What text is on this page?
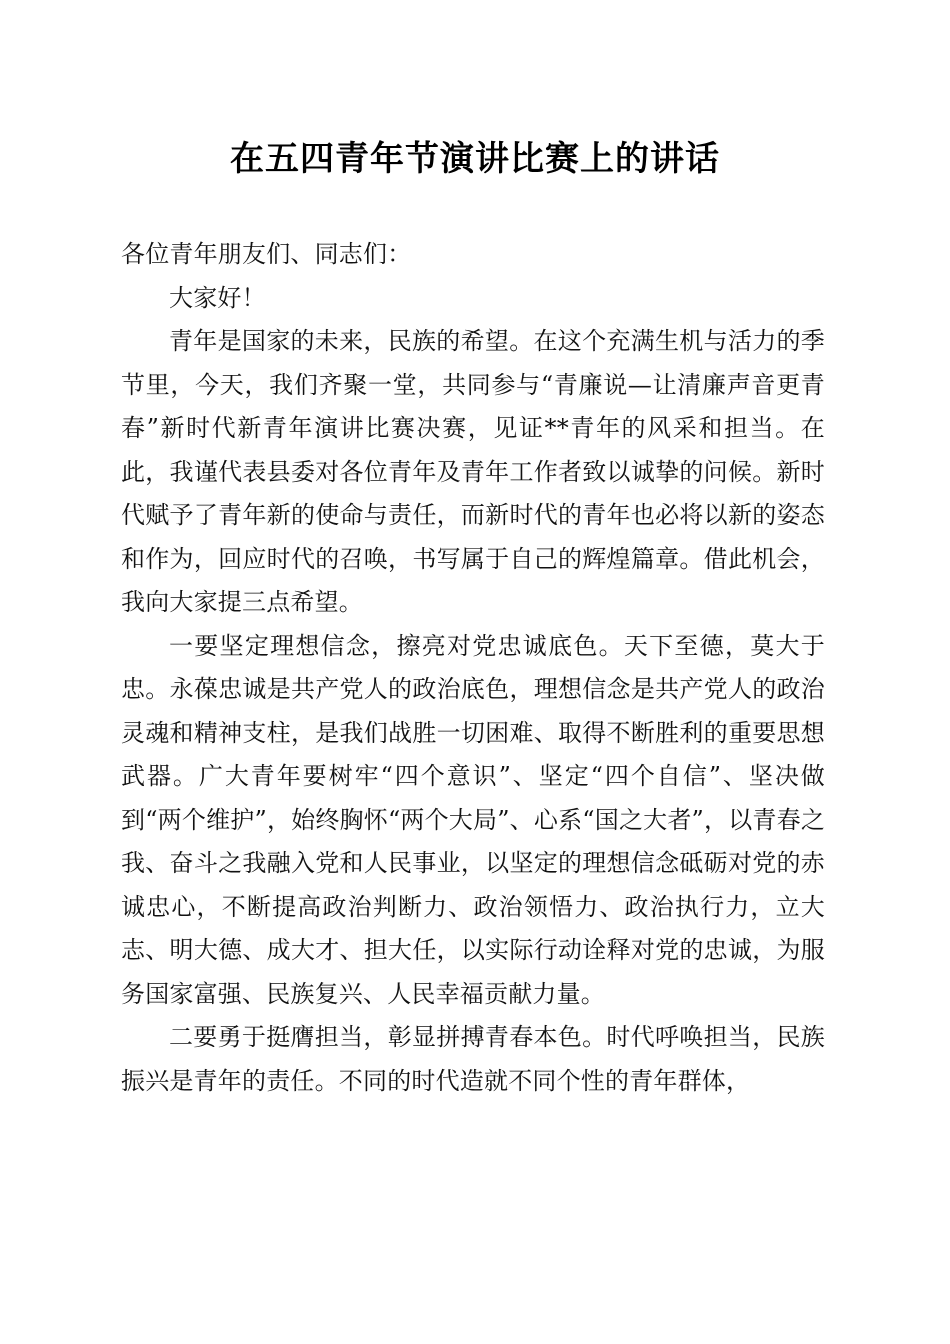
在五四青年节演讲比赛上的讲话

各位青年朋友们、同志们：

大家好！

青年是国家的未来，民族的希望。在这个充满生机与活力的季节里，今天，我们齐聚一堂，共同参与“青廉说—让清廉声音更青春”新时代新青年演讲比赛决赛，见证**青年的风采和担当。在此，我谨代表县委对各位青年及青年工作者致以诚挚的问候。新时代赋予了青年新的使命与责任，而新时代的青年也必将以新的姿态和作为，回应时代的召唤，书写属于自己的辉煌篇章。借此机会，我向大家提三点希望。

一要坚定理想信念，擦亮对党忠诚底色。天下至德，莫大于忠。永葆忠诚是共产党人的政治底色，理想信念是共产党人的政治灵魂和精神支柱，是我们战胜一切困难、取得不断胜利的重要思想武器。广大青年要树牢“四个意识”、坚定“四个自信”、坚决做到“两个维护”，始终胸怀“两个大局”、心系“国之大者”，以青春之我、奋斗之我融入党和人民事业，以坚定的理想信念砥砺对党的赤诚忠心，不断提高政治判断力、政治领悟力、政治执行力，立大志、明大德、成大才、担大任，以实际行动诠释对党的忠诚，为服务国家富强、民族复兴、人民幸福贡献力量。

二要勇于挺膺担当，彰显拼搏青春本色。时代呼唤担当，民族振兴是青年的责任。不同的时代造就不同个性的青年群体，
